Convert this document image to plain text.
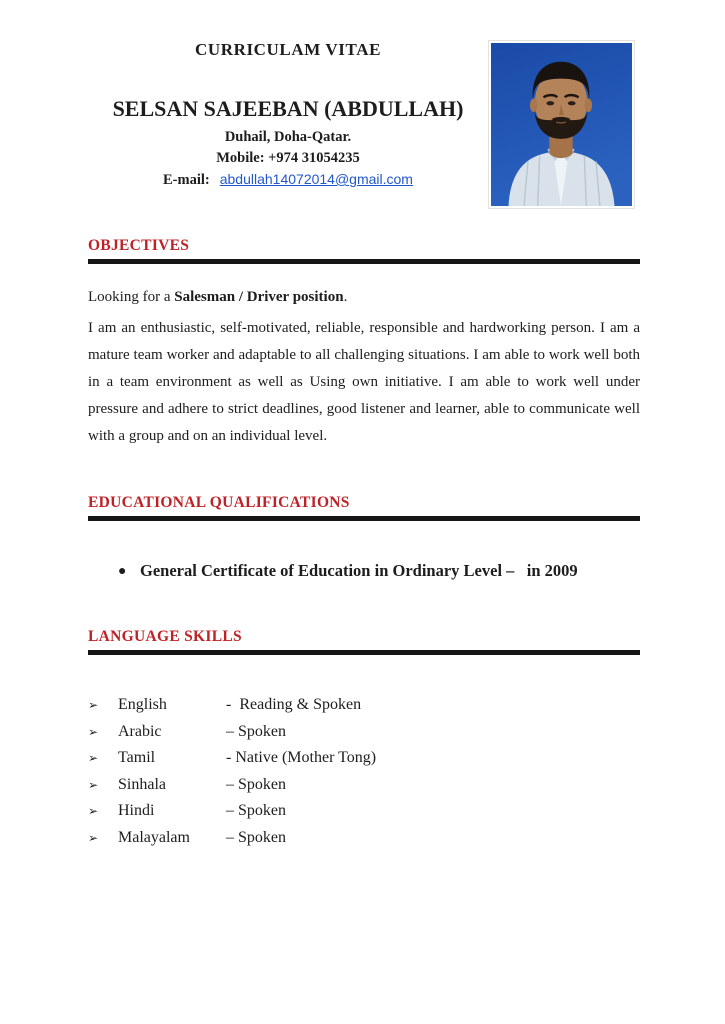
CURRICULAM VITAE
SELSAN SAJEEBAN (ABDULLAH)
Duhail, Doha-Qatar.
Mobile: +974 31054235
E-mail: abdullah14072014@gmail.com
OBJECTIVES

Looking for a Salesman / Driver position.

I am an enthusiastic, self-motivated, reliable, responsible and hardworking person. I am a mature team worker and adaptable to all challenging situations. I am able to work well both in a team environment as well as Using own initiative. I am able to work well under pressure and adhere to strict deadlines, good listener and learner, able to communicate well with a group and on an individual level.

EDUCATIONAL QUALIFICATIONS
● General Certificate of Education in Ordinary Level –   in 2009
LANGUAGE SKILLS
➢	English	-  Reading & Spoken
➢	Arabic	– Spoken
➢	Tamil	- Native (Mother Tong)
➢	Sinhala	– Spoken
➢	Hindi	– Spoken
➢	Malayalam	– Spoken
